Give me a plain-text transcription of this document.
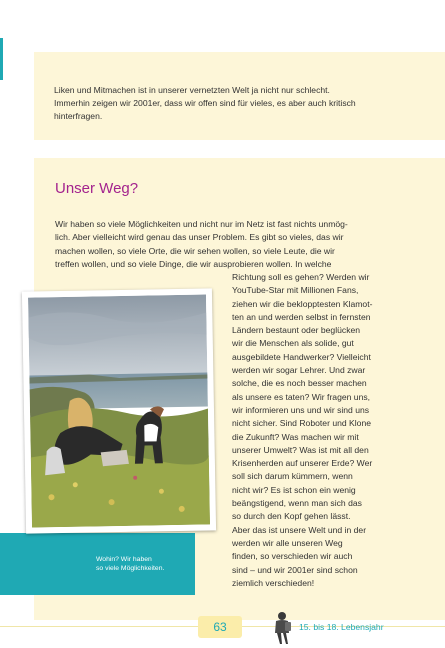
Liken und Mitmachen ist in unserer vernetzten Welt ja nicht nur schlecht.
Immerhin zeigen wir 2001er, dass wir offen sind für vieles, es aber auch kritisch
hinterfragen.

Unser Weg?

Wir haben so viele Möglichkeiten und nicht nur im Netz ist fast nichts unmög-
lich. Aber vielleicht wird genau das unser Problem. Es gibt so vieles, das wir
machen wollen, so viele Orte, die wir sehen wollen, so viele Leute, die wir
treffen wollen, und so viele Dinge, die wir ausprobieren wollen. In welche

Richtung soll es gehen? Werden wir
YouTube-Star mit Millionen Fans,
ziehen wir die beklopptesten Klamot-
ten an und werden selbst in fernsten
Ländern bestaunt oder beglücken
wir die Menschen als solide, gut
ausgebildete Handwerker? Vielleicht
werden wir sogar Lehrer. Und zwar
solche, die es noch besser machen
als unsere es taten? Wir fragen uns,
wir informieren uns und wir sind uns
nicht sicher. Sind Roboter und Klone
die Zukunft? Was machen wir mit
unserer Umwelt? Was ist mit all den
Krisenherden auf unserer Erde? Wer
soll sich darum kümmern, wenn
nicht wir? Es ist schon ein wenig
beängstigend, wenn man sich das
so durch den Kopf gehen lässt.
Aber das ist unsere Welt und in der
werden wir alle unseren Weg
finden, so verschieden wir auch
sind – und wir 2001er sind schon
ziemlich verschieden!

Wohin? Wir haben
so viele Möglichkeiten.

63	15. bis 18. Lebensjahr
